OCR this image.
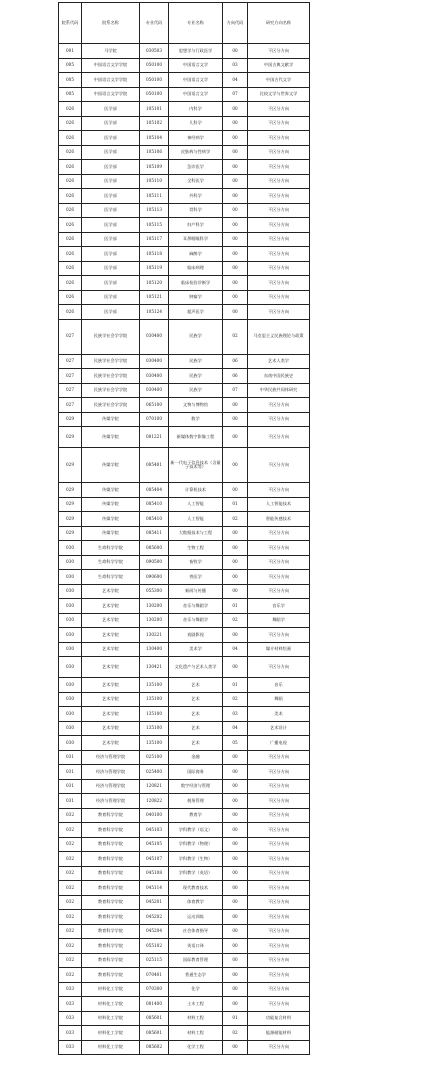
院系代码	院系名称	专业代码	专业名称	方向代码	研究方向名称
001	马学院	030503	思想学与行政医学	00	不区分方向
005	中国语言文学学院	050100	中国语言文学	03	中国古典文献学
005	中国语言文学学院	050100	中国语言文学	04	中国古代文学
005	中国语言文学学院	050100	中国语言文学	07	比较文学与世界文学
026	医学部	105101	内科学	00	不区分方向
026	医学部	105102	儿科学	00	不区分方向
026	医学部	105104	神经病学	00	不区分方向
026	医学部	105106	皮肤病与性病学	00	不区分方向
026	医学部	105109	急诊医学	00	不区分方向
026	医学部	105110	全科医学	00	不区分方向
026	医学部	105111	外科学	00	不区分方向
026	医学部	105113	骨科学	00	不区分方向
026	医学部	105115	妇产科学	00	不区分方向
026	医学部	105117	耳鼻咽喉科学	00	不区分方向
026	医学部	105118	麻醉学	00	不区分方向
026	医学部	105119	临床病理	00	不区分方向
026	医学部	105120	临床检验诊断学	00	不区分方向
026	医学部	105121	肿瘤学	00	不区分方向
026	医学部	105124	超声医学	00	不区分方向
027	民族学社会学学院	030400	民族学	02	马克思主义民族理论与政策
027	民族学社会学学院	030400	民族学	06	艺术人类学
027	民族学社会学学院	030400	民族学	06	东南中国民族史
027	民族学社会学学院	030400	民族学	07	中华民族共同体研究
027	民族学社会学学院	065100	文物与博物馆	00	不区分方向
029	传媒学院	070100	数学	00	不区分方向
029	传媒学院	081221	新媒体数字影像工程	00	不区分方向
029	传媒学院	085401	新一代电子信息技术（含量子技术等）	00	不区分方向
029	传媒学院	085404	计算机技术	00	不区分方向
029	传媒学院	085410	人工智能	01	人工智能技术
029	传媒学院	085410	人工智能	02	智能传感技术
029	传媒学院	085411	大数据技术与工程	00	不区分方向
030	生命科学学院	085600	生物工程	00	不区分方向
030	生命科学学院	090500	畜牧学	00	不区分方向
030	生命科学学院	090600	兽医学	00	不区分方向
030	艺术学院	055300	新闻与传播	00	不区分方向
030	艺术学院	130200	音乐与舞蹈学	01	音乐学
030	艺术学院	130200	音乐与舞蹈学	02	舞蹈学
030	艺术学院	130221	戏剧影视	00	不区分方向
030	艺术学院	130400	美术学	04	媒介材料绘画
030	艺术学院	130421	文化遗产与艺术人类学	00	不区分方向
030	艺术学院	135100	艺术	01	音乐
030	艺术学院	135100	艺术	02	舞蹈
030	艺术学院	135100	艺术	03	美术
030	艺术学院	135100	艺术	04	艺术设计
030	艺术学院	135100	艺术	05	广播电视
031	经济与管理学院	025100	金融	00	不区分方向
031	经济与管理学院	025400	国际商务	00	不区分方向
031	经济与管理学院	120821	数字经济与管理	00	不区分方向
031	经济与管理学院	120822	税务管理	00	不区分方向
032	教育科学学院	040100	教育学	00	不区分方向
032	教育科学学院	045103	学科教学（语文）	00	不区分方向
032	教育科学学院	045105	学科教学（物理）	00	不区分方向
032	教育科学学院	045107	学科教学（生物）	00	不区分方向
032	教育科学学院	045108	学科教学（英语）	00	不区分方向
032	教育科学学院	045114	现代教育技术	00	不区分方向
032	教育科学学院	045201	体育教学	00	不区分方向
032	教育科学学院	045202	运动训练	00	不区分方向
032	教育科学学院	045204	社会体育指导	00	不区分方向
032	教育科学学院	055102	英语口译	00	不区分方向
032	教育科学学院	025115	国际教育管理	00	不区分方向
032	教育科学学院	070401	普通生态学	00	不区分方向
033	材料化工学院	070300	化学	00	不区分方向
033	材料化工学院	081400	土木工程	00	不区分方向
033	材料化工学院	085601	材料工程	01	功能复合材料
033	材料化工学院	085601	材料工程	02	能源储能材料
033	材料化工学院	085602	化学工程	00	不区分方向
